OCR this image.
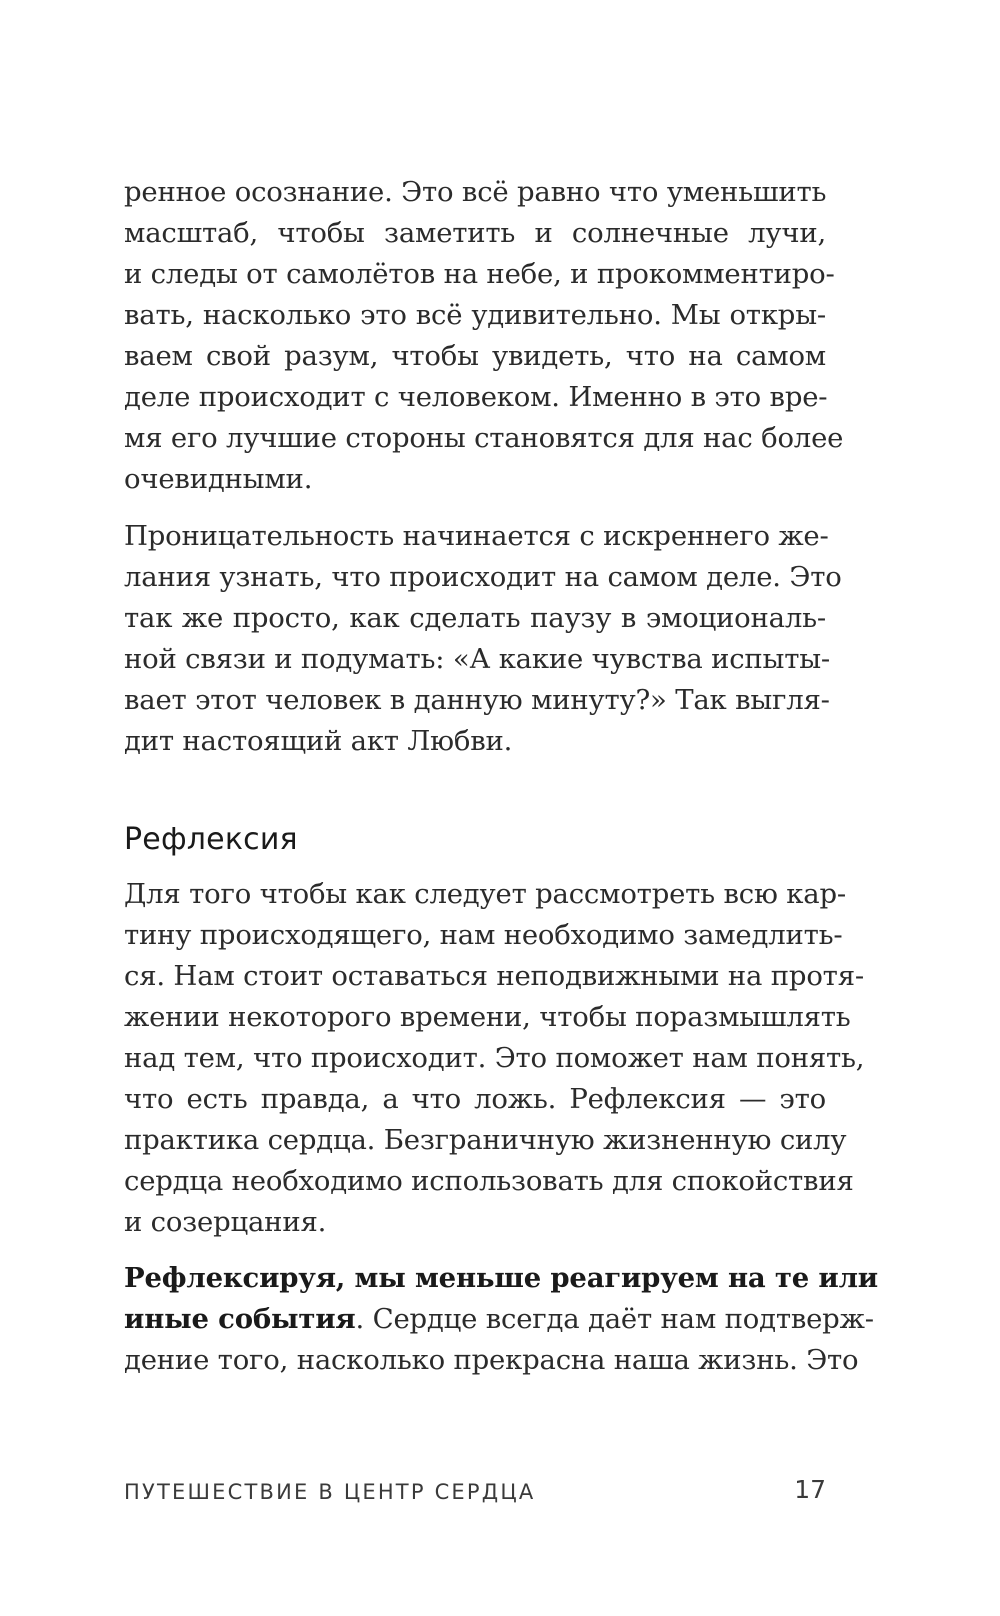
ренное осознание. Это всё равно что уменьшить
масштаб, чтобы заметить и солнечные лучи,
и следы от самолётов на небе, и прокомментиро-
вать, насколько это всё удивительно. Мы откры-
ваем свой разум, чтобы увидеть, что на самом
деле происходит с человеком. Именно в это вре-
мя его лучшие стороны становятся для нас более
очевидными.
Проницательность начинается с искреннего же-
лания узнать, что происходит на самом деле. Это
так же просто, как сделать паузу в эмоциональ-
ной связи и подумать: «А какие чувства испыты-
вает этот человек в данную минуту?» Так выгля-
дит настоящий акт Любви.
Рефлексия
Для того чтобы как следует рассмотреть всю кар-
тину происходящего, нам необходимо замедлить-
ся. Нам стоит оставаться неподвижными на протя-
жении некоторого времени, чтобы поразмышлять
над тем, что происходит. Это поможет нам понять,
что есть правда, а что ложь. Рефлексия — это
практика сердца. Безграничную жизненную силу
сердца необходимо использовать для спокойствия
и созерцания.
Рефлексируя, мы меньше реагируем на те или
иные события. Сердце всегда даёт нам подтверж-
дение того, насколько прекрасна наша жизнь. Это
ПУТЕШЕСТВИЕ В ЦЕНТР СЕРДЦА	17
